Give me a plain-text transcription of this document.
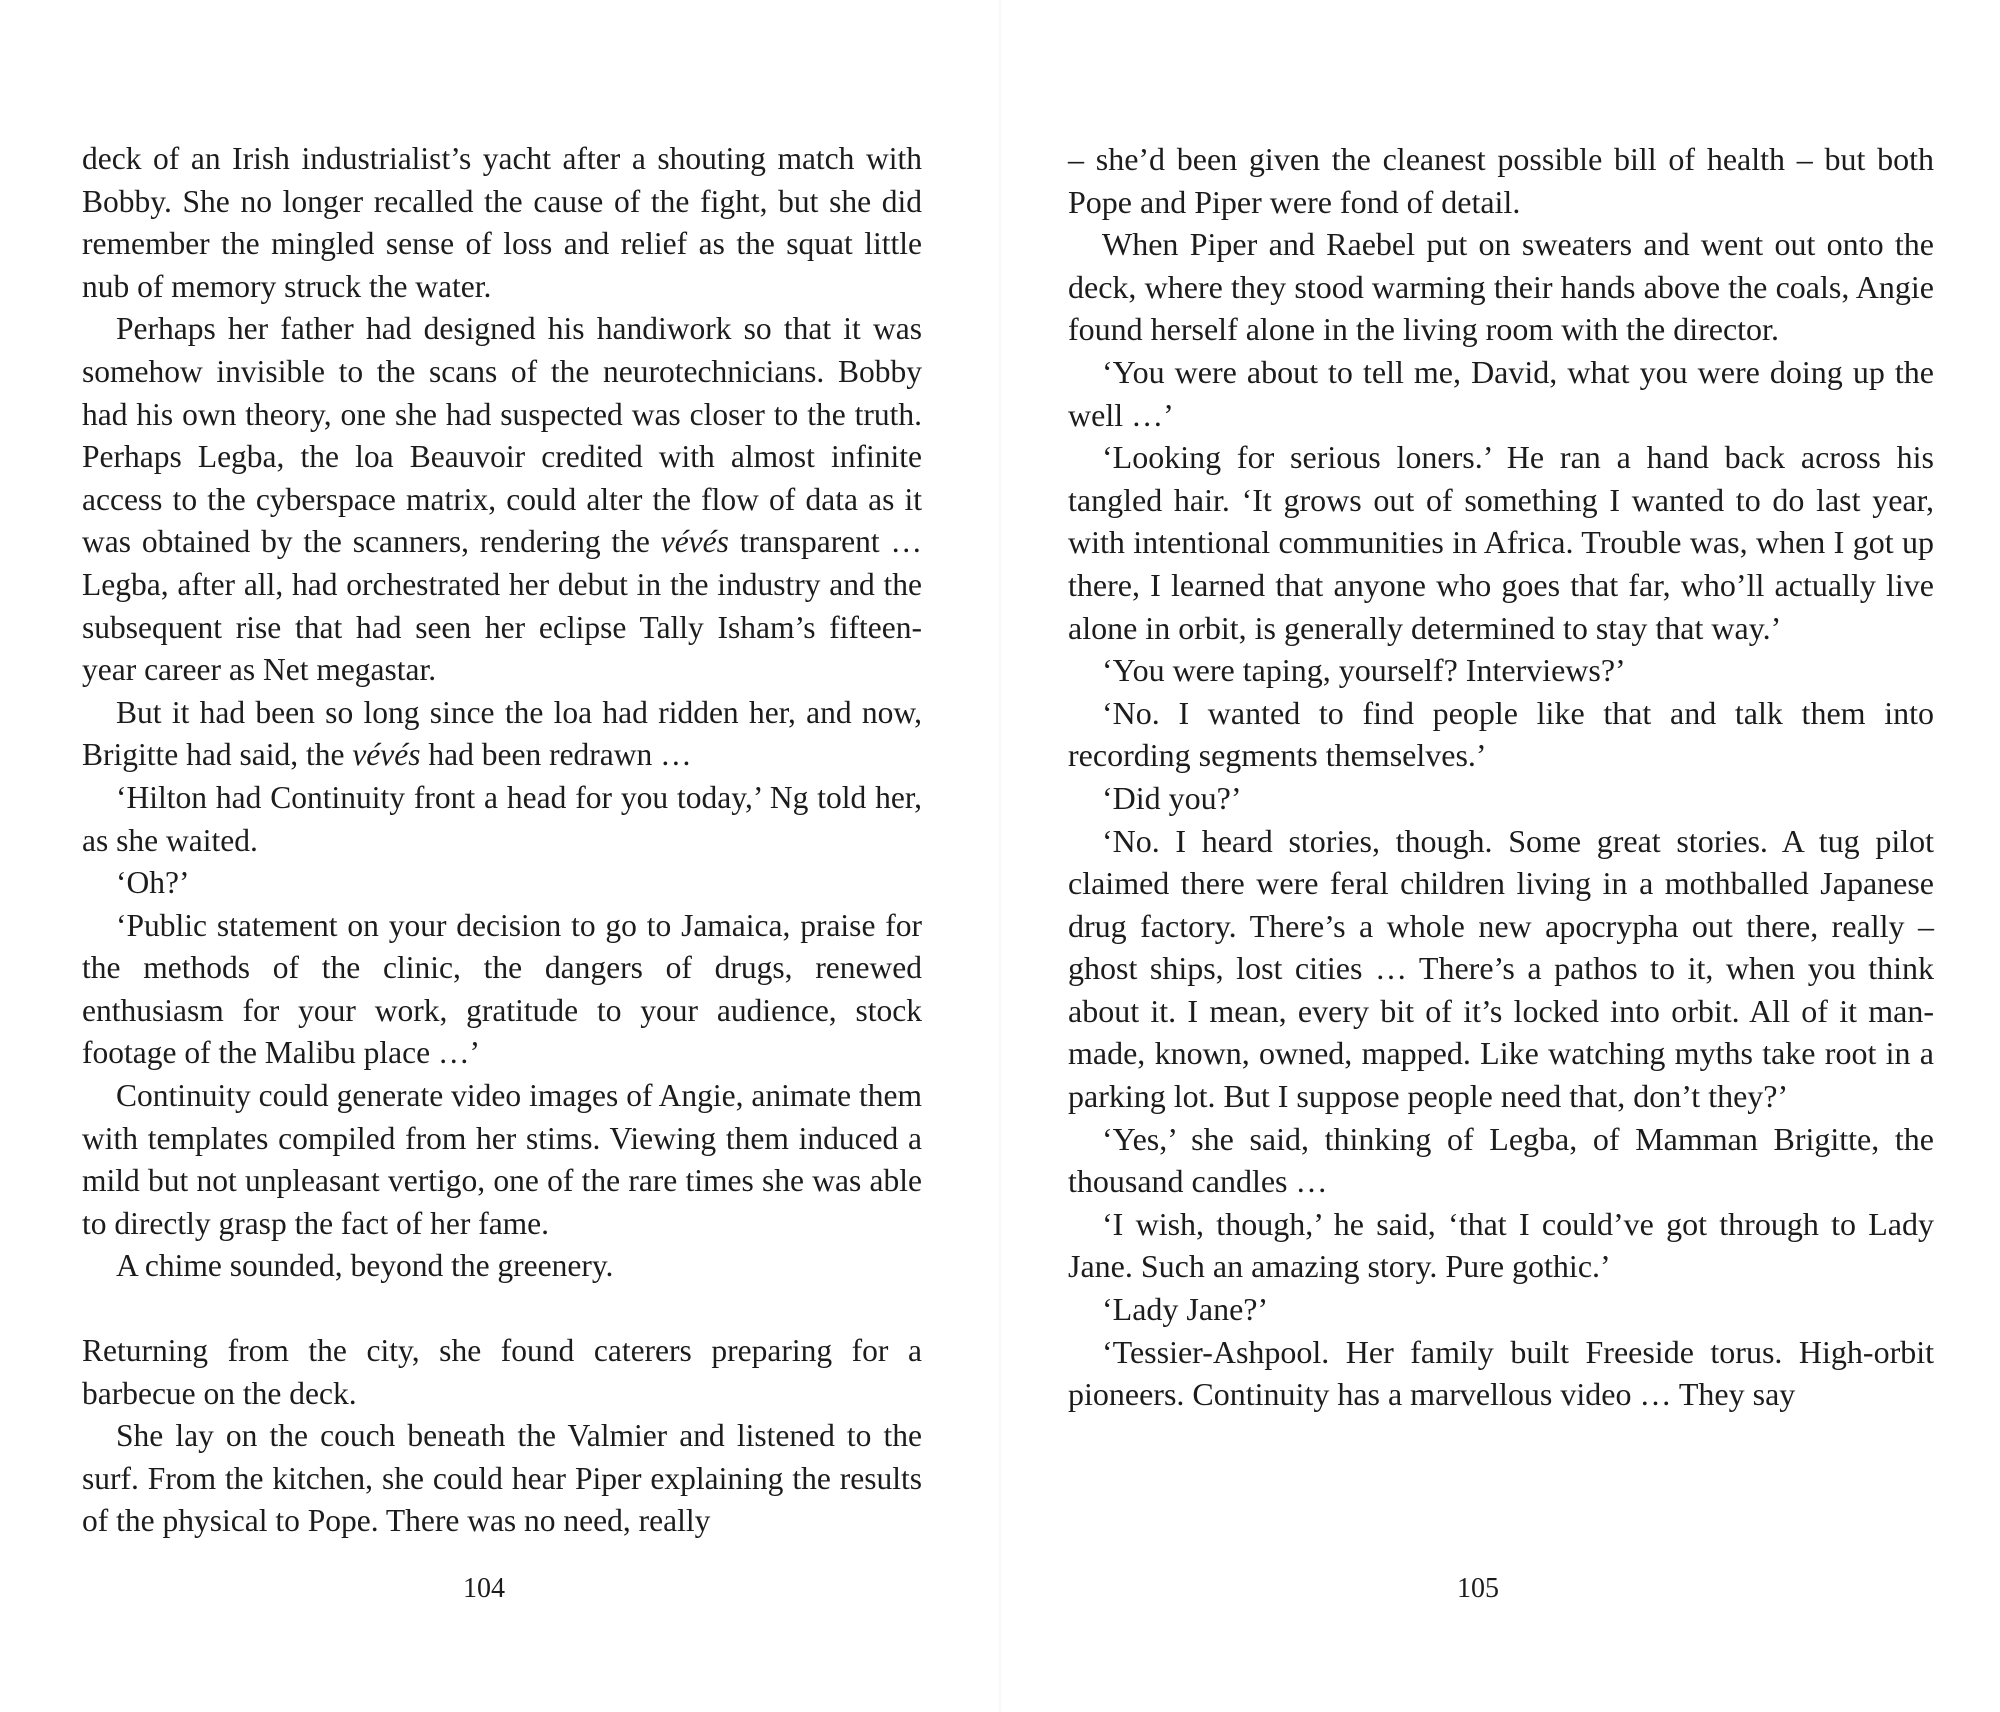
deck of an Irish industrialist’s yacht after a shouting match with Bobby. She no longer recalled the cause of the fight, but she did remember the mingled sense of loss and relief as the squat little nub of memory struck the water.

Perhaps her father had designed his handiwork so that it was somehow invisible to the scans of the neurotechnicians. Bobby had his own theory, one she had suspected was closer to the truth. Perhaps Legba, the loa Beauvoir credited with almost infinite access to the cyberspace matrix, could alter the flow of data as it was obtained by the scanners, rendering the vévés transparent … Legba, after all, had orchestrated her debut in the industry and the subsequent rise that had seen her eclipse Tally Isham’s fifteen-year career as Net megastar.

But it had been so long since the loa had ridden her, and now, Brigitte had said, the vévés had been redrawn …

‘Hilton had Continuity front a head for you today,’ Ng told her, as she waited.

‘Oh?’

‘Public statement on your decision to go to Jamaica, praise for the methods of the clinic, the dangers of drugs, renewed enthusiasm for your work, gratitude to your audience, stock footage of the Malibu place …’

Continuity could generate video images of Angie, animate them with templates compiled from her stims. Viewing them induced a mild but not unpleasant vertigo, one of the rare times she was able to directly grasp the fact of her fame.

A chime sounded, beyond the greenery.

Returning from the city, she found caterers preparing for a barbecue on the deck.

She lay on the couch beneath the Valmier and listened to the surf. From the kitchen, she could hear Piper explaining the results of the physical to Pope. There was no need, really

104

– she’d been given the cleanest possible bill of health – but both Pope and Piper were fond of detail.

When Piper and Raebel put on sweaters and went out onto the deck, where they stood warming their hands above the coals, Angie found herself alone in the living room with the director.

‘You were about to tell me, David, what you were doing up the well …’

‘Looking for serious loners.’ He ran a hand back across his tangled hair. ‘It grows out of something I wanted to do last year, with intentional communities in Africa. Trouble was, when I got up there, I learned that anyone who goes that far, who’ll actually live alone in orbit, is generally determined to stay that way.’

‘You were taping, yourself? Interviews?’

‘No. I wanted to find people like that and talk them into recording segments themselves.’

‘Did you?’

‘No. I heard stories, though. Some great stories. A tug pilot claimed there were feral children living in a mothballed Japanese drug factory. There’s a whole new apocrypha out there, really – ghost ships, lost cities … There’s a pathos to it, when you think about it. I mean, every bit of it’s locked into orbit. All of it man-made, known, owned, mapped. Like watching myths take root in a parking lot. But I suppose people need that, don’t they?’

‘Yes,’ she said, thinking of Legba, of Mamman Brigitte, the thousand candles …

‘I wish, though,’ he said, ‘that I could’ve got through to Lady Jane. Such an amazing story. Pure gothic.’

‘Lady Jane?’

‘Tessier-Ashpool. Her family built Freeside torus. High-orbit pioneers. Continuity has a marvellous video … They say

105
